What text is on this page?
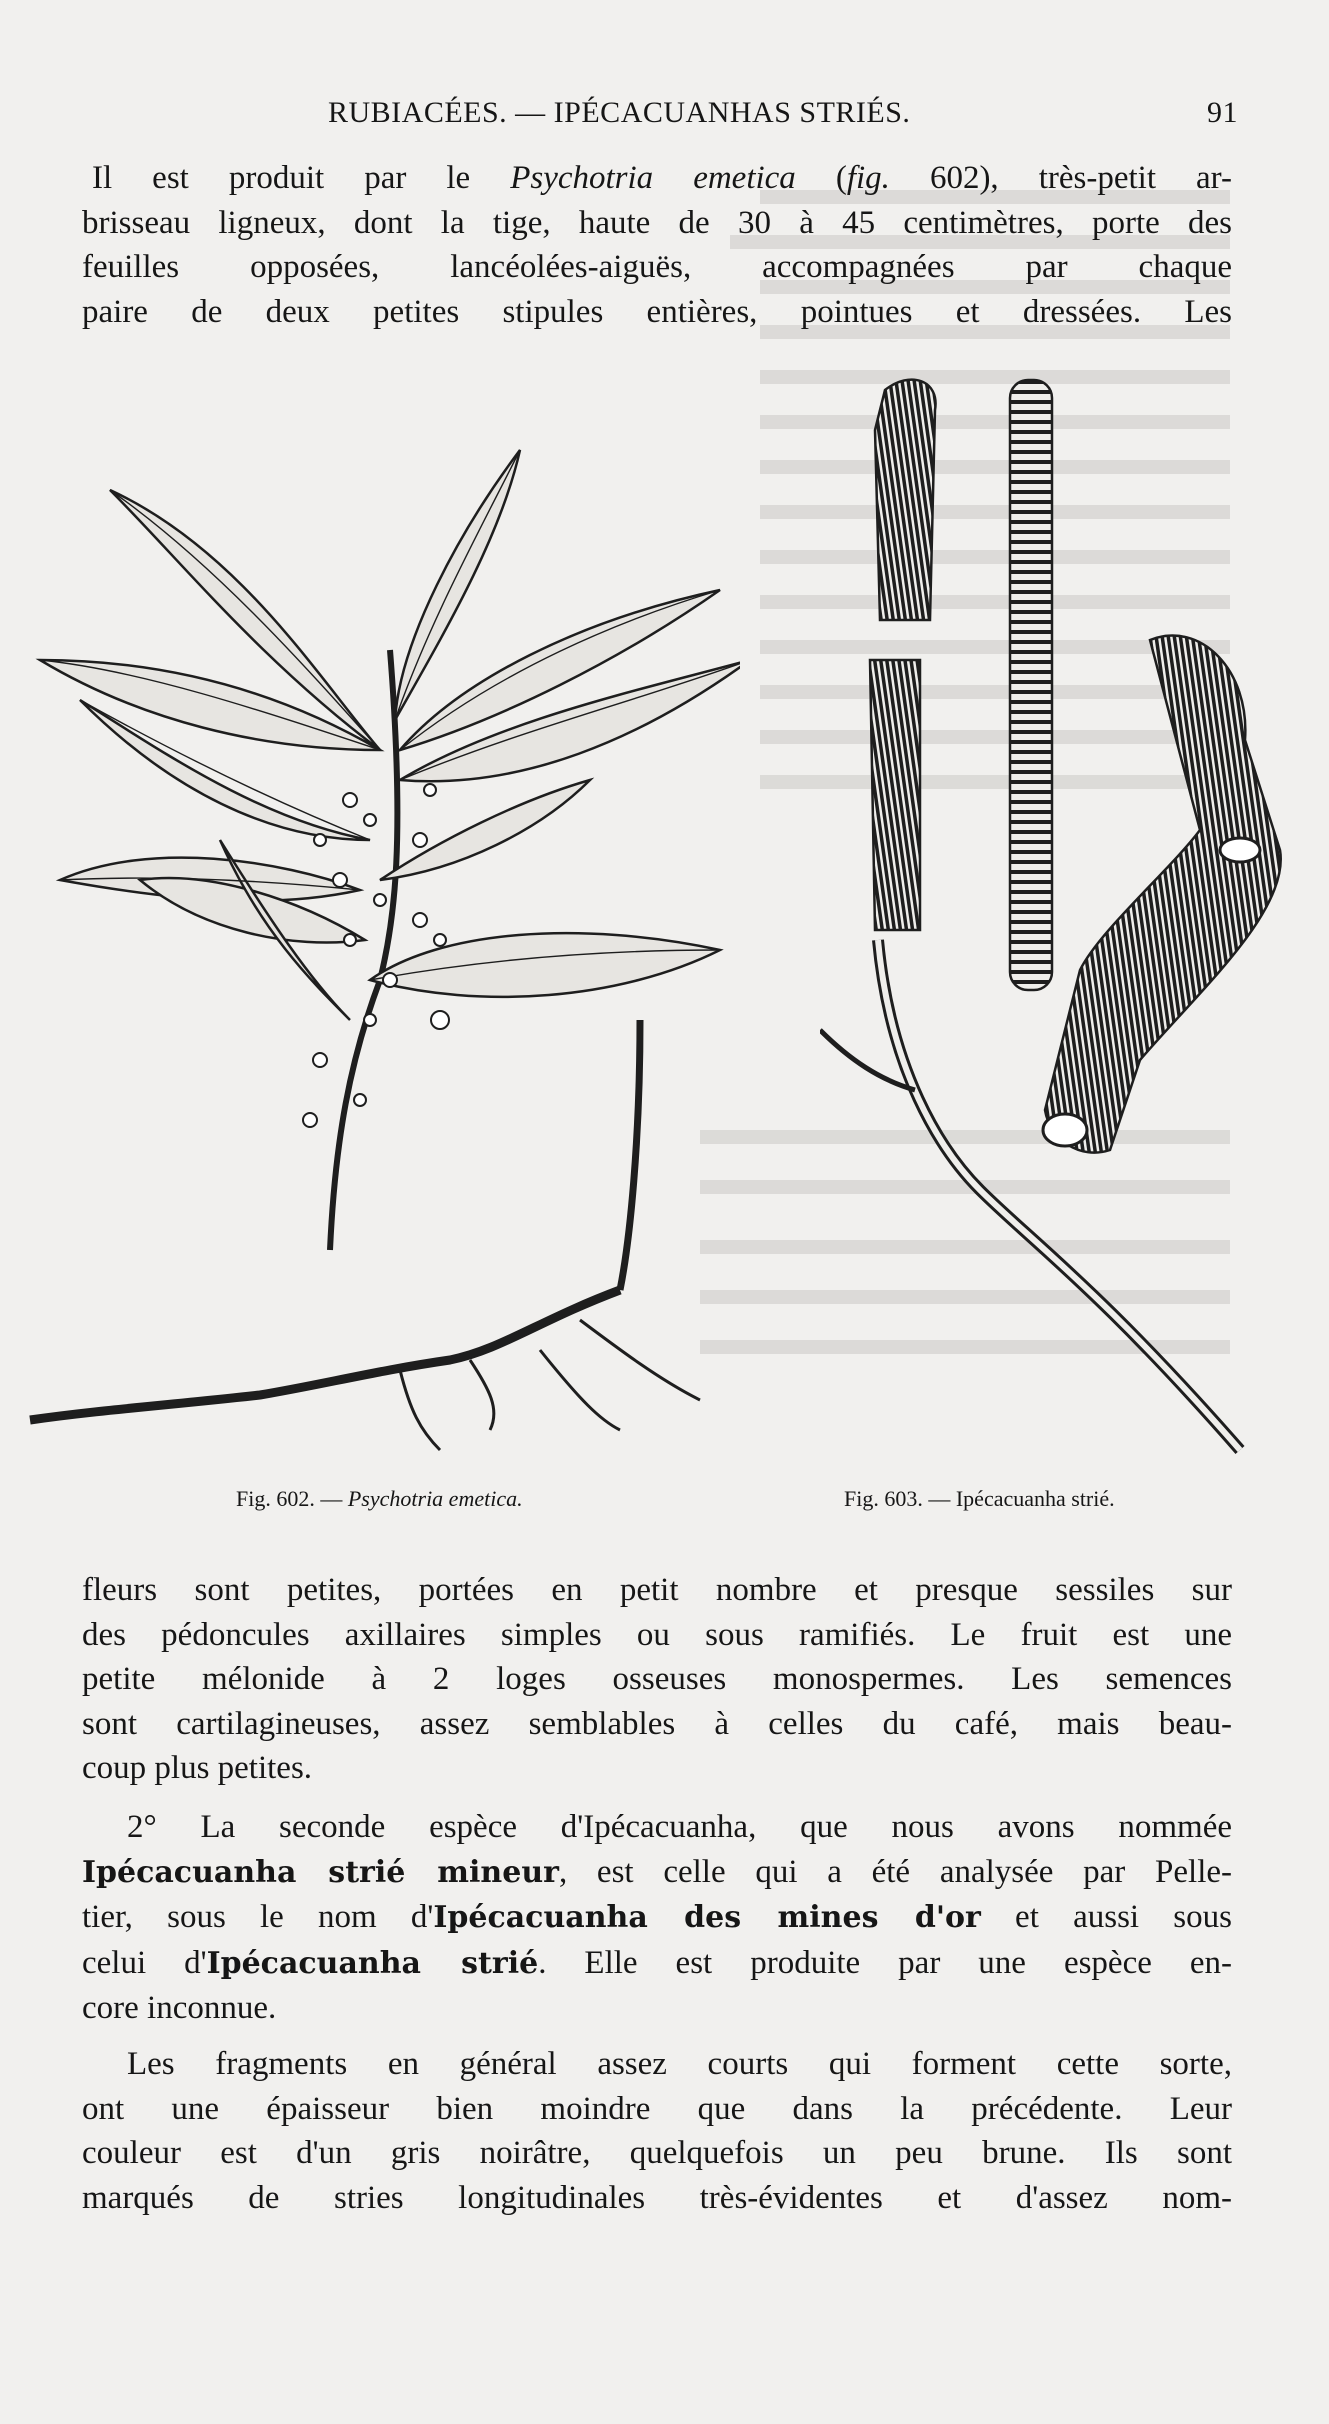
RUBIACÉES. — IPÉCACUANHAS STRIÉS.	91
Il est produit par le Psychotria emetica (fig. 602), très-petit ar-
brisseau ligneux, dont la tige, haute de 30 à 45 centimètres, porte des
feuilles opposées, lancéolées-aiguës, accompagnées par chaque
paire de deux petites stipules entières, pointues et dressées. Les
Fig. 602. — Psychotria emetica.	Fig. 603. — Ipécacuanha strié.
fleurs sont petites, portées en petit nombre et presque sessiles sur
des pédoncules axillaires simples ou sous ramifiés. Le fruit est une
petite mélonide à 2 loges osseuses monospermes. Les semences
sont cartilagineuses, assez semblables à celles du café, mais beau-
coup plus petites.
2° La seconde espèce d'Ipécacuanha, que nous avons nommée
Ipécacuanha strié mineur, est celle qui a été analysée par Pelle-
tier, sous le nom d'Ipécacuanha des mines d'or et aussi sous
celui d'Ipécacuanha strié. Elle est produite par une espèce en-
core inconnue.
Les fragments en général assez courts qui forment cette sorte,
ont une épaisseur bien moindre que dans la précédente. Leur
couleur est d'un gris noirâtre, quelquefois un peu brune. Ils sont
marqués de stries longitudinales très-évidentes et d'assez nom-
